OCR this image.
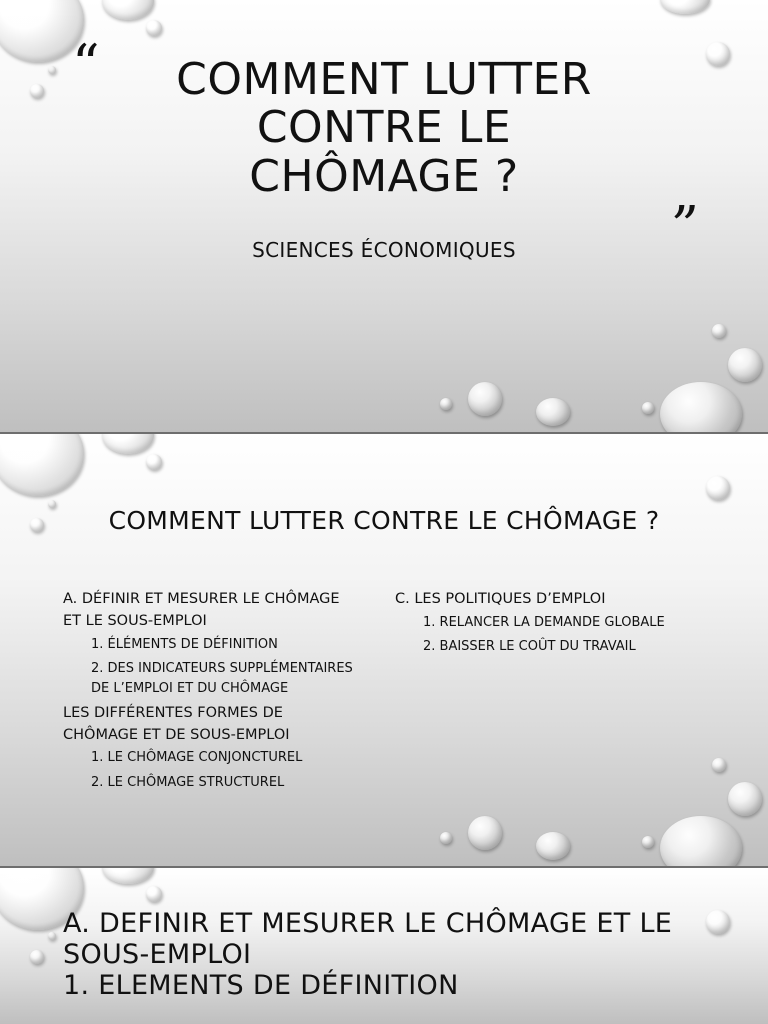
“
„
COMMENT LUTTER
CONTRE LE
CHÔMAGE ?

SCIENCES ÉCONOMIQUES

COMMENT LUTTER CONTRE LE CHÔMAGE ?

A. DÉFINIR ET MESURER LE CHÔMAGE
ET LE SOUS-EMPLOI

1. ÉLÉMENTS DE DÉFINITION

2. DES INDICATEURS SUPPLÉMENTAIRES
DE L’EMPLOI ET DU CHÔMAGE

LES DIFFÉRENTES FORMES DE
CHÔMAGE ET DE SOUS-EMPLOI

1. LE CHÔMAGE CONJONCTUREL

2. LE CHÔMAGE STRUCTUREL

C. LES POLITIQUES D’EMPLOI

1. RELANCER LA DEMANDE GLOBALE

2. BAISSER LE COÛT DU TRAVAIL

A. DEFINIR ET MESURER LE CHÔMAGE ET LE
SOUS-EMPLOI
1. ELEMENTS DE DÉFINITION
